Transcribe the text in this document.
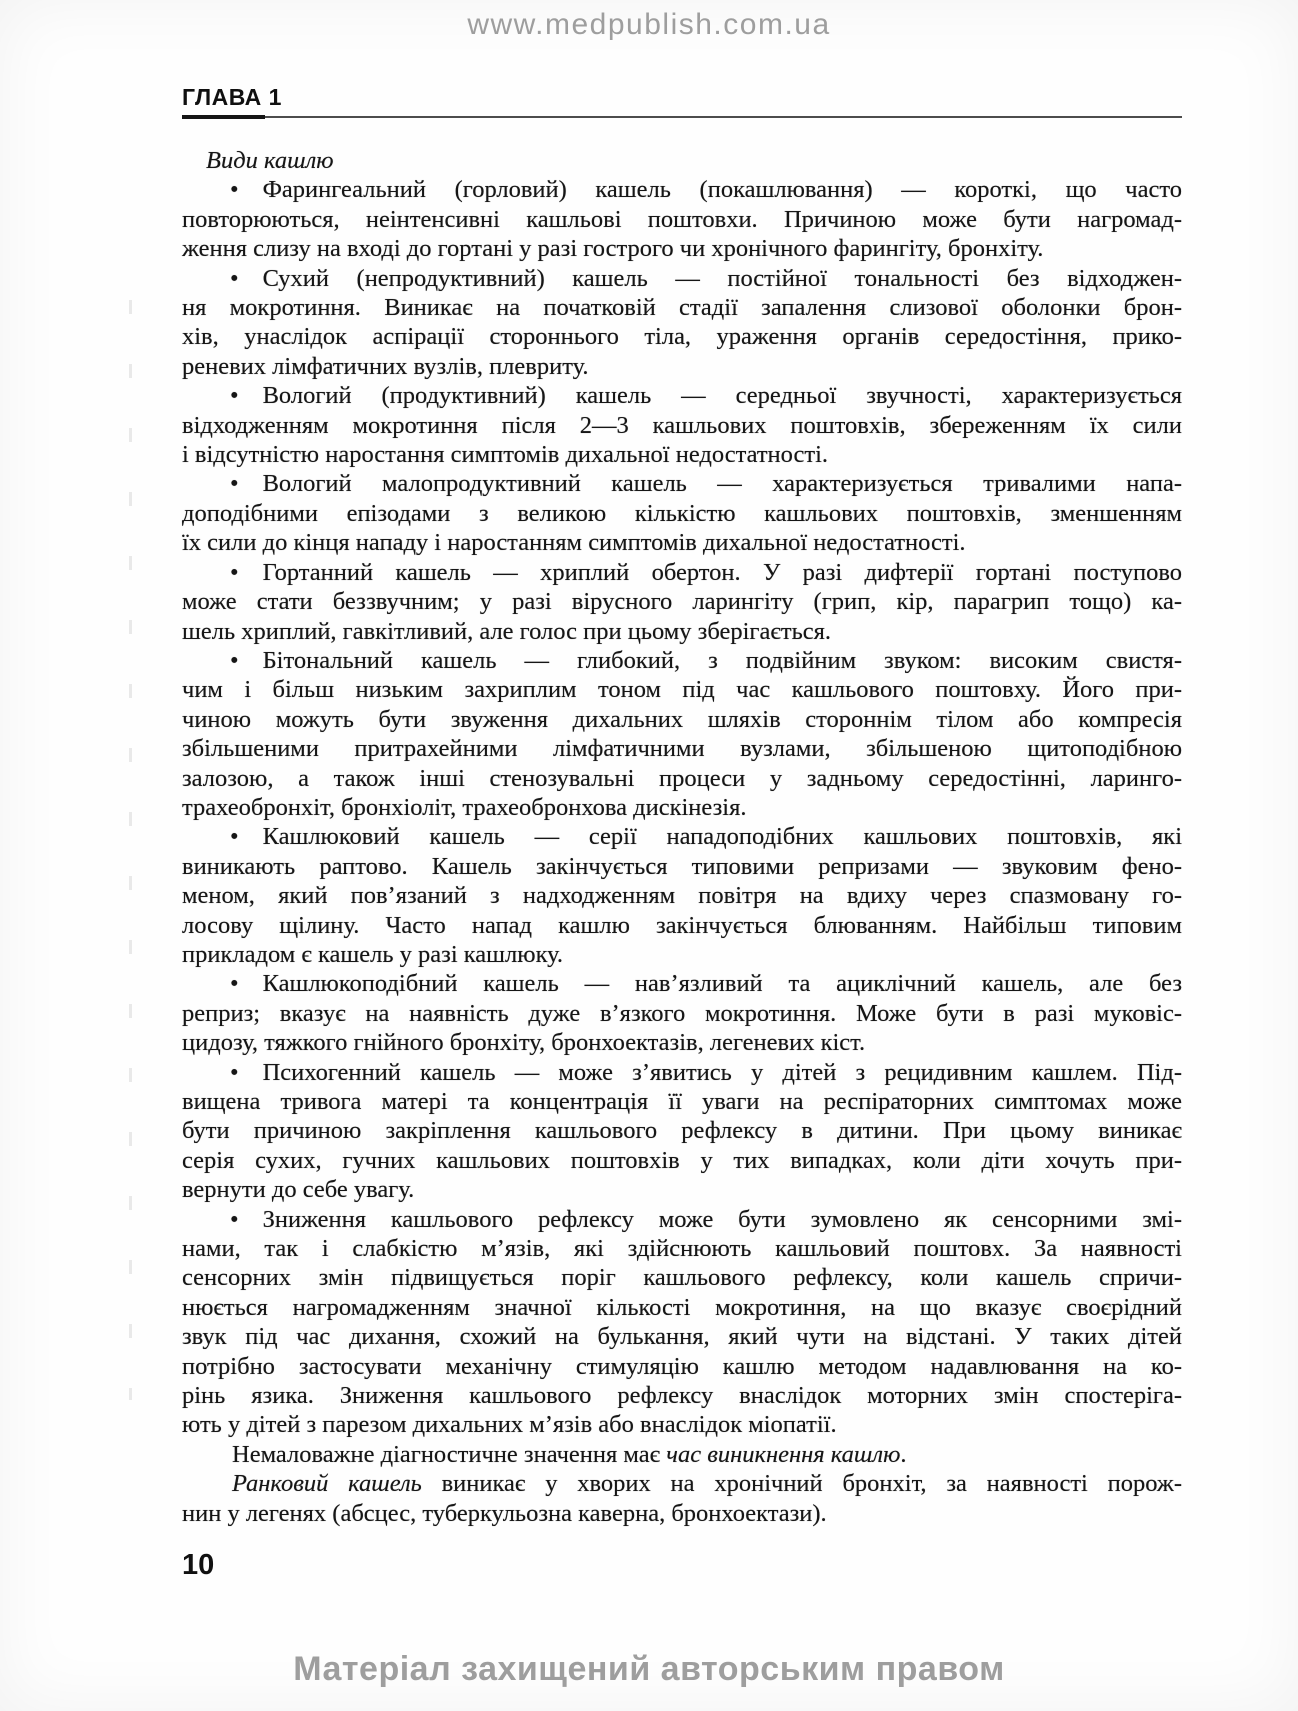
www.medpublish.com.ua
ГЛАВА 1
Види кашлю
• Фарингеальний (горловий) кашель (покашлювання) — короткі, що часто
повторюються, неінтенсивні кашльові поштовхи. Причиною може бути нагромад-
ження слизу на вході до гортані у разі гострого чи хронічного фарингіту, бронхіту.
• Сухий (непродуктивний) кашель — постійної тональності без відходжен-
ня мокротиння. Виникає на початковій стадії запалення слизової оболонки брон-
хів, унаслідок аспірації стороннього тіла, ураження органів середостіння, прико-
реневих лімфатичних вузлів, плевриту.
• Вологий (продуктивний) кашель — середньої звучності, характеризується
відходженням мокротиння після 2—3 кашльових поштовхів, збереженням їх сили
і відсутністю наростання симптомів дихальної недостатності.
• Вологий малопродуктивний кашель — характеризується тривалими напа-
доподібними епізодами з великою кількістю кашльових поштовхів, зменшенням
їх сили до кінця нападу і наростанням симптомів дихальної недостатності.
• Гортанний кашель — хриплий обертон. У разі дифтерії гортані поступово
може стати беззвучним; у разі вірусного ларингіту (грип, кір, парагрип тощо) ка-
шель хриплий, гавкітливий, але голос при цьому зберігається.
• Бітональний кашель — глибокий, з подвійним звуком: високим свистя-
чим і більш низьким захриплим тоном під час кашльового поштовху. Його при-
чиною можуть бути звуження дихальних шляхів стороннім тілом або компресія
збільшеними притрахейними лімфатичними вузлами, збільшеною щитоподібною
залозою, а також інші стенозувальні процеси у задньому середостінні, ларинго-
трахеобронхіт, бронхіоліт, трахеобронхова дискінезія.
• Кашлюковий кашель — серії нападоподібних кашльових поштовхів, які
виникають раптово. Кашель закінчується типовими репризами — звуковим фено-
меном, який пов’язаний з надходженням повітря на вдиху через спазмовану го-
лосову щілину. Часто напад кашлю закінчується блюванням. Найбільш типовим
прикладом є кашель у разі кашлюку.
• Кашлюкоподібний кашель — нав’язливий та ациклічний кашель, але без
реприз; вказує на наявність дуже в’язкого мокротиння. Може бути в разі муковіс-
цидозу, тяжкого гнійного бронхіту, бронхоектазів, легеневих кіст.
• Психогенний кашель — може з’явитись у дітей з рецидивним кашлем. Під-
вищена тривога матері та концентрація її уваги на респіраторних симптомах може
бути причиною закріплення кашльового рефлексу в дитини. При цьому виникає
серія сухих, гучних кашльових поштовхів у тих випадках, коли діти хочуть при-
вернути до себе увагу.
• Зниження кашльового рефлексу може бути зумовлено як сенсорними змі-
нами, так і слабкістю м’язів, які здійснюють кашльовий поштовх. За наявності
сенсорних змін підвищується поріг кашльового рефлексу, коли кашель спричи-
нюється нагромадженням значної кількості мокротиння, на що вказує своєрідний
звук під час дихання, схожий на булькання, який чути на відстані. У таких дітей
потрібно застосувати механічну стимуляцію кашлю методом надавлювання на ко-
рінь язика. Зниження кашльового рефлексу внаслідок моторних змін спостеріга-
ють у дітей з парезом дихальних м’язів або внаслідок міопатії.
Немаловажне діагностичне значення має час виникнення кашлю.
Ранковий кашель виникає у хворих на хронічний бронхіт, за наявності порож-
нин у легенях (абсцес, туберкульозна каверна, бронхоектази).
10
Матеріал захищений авторським правом
